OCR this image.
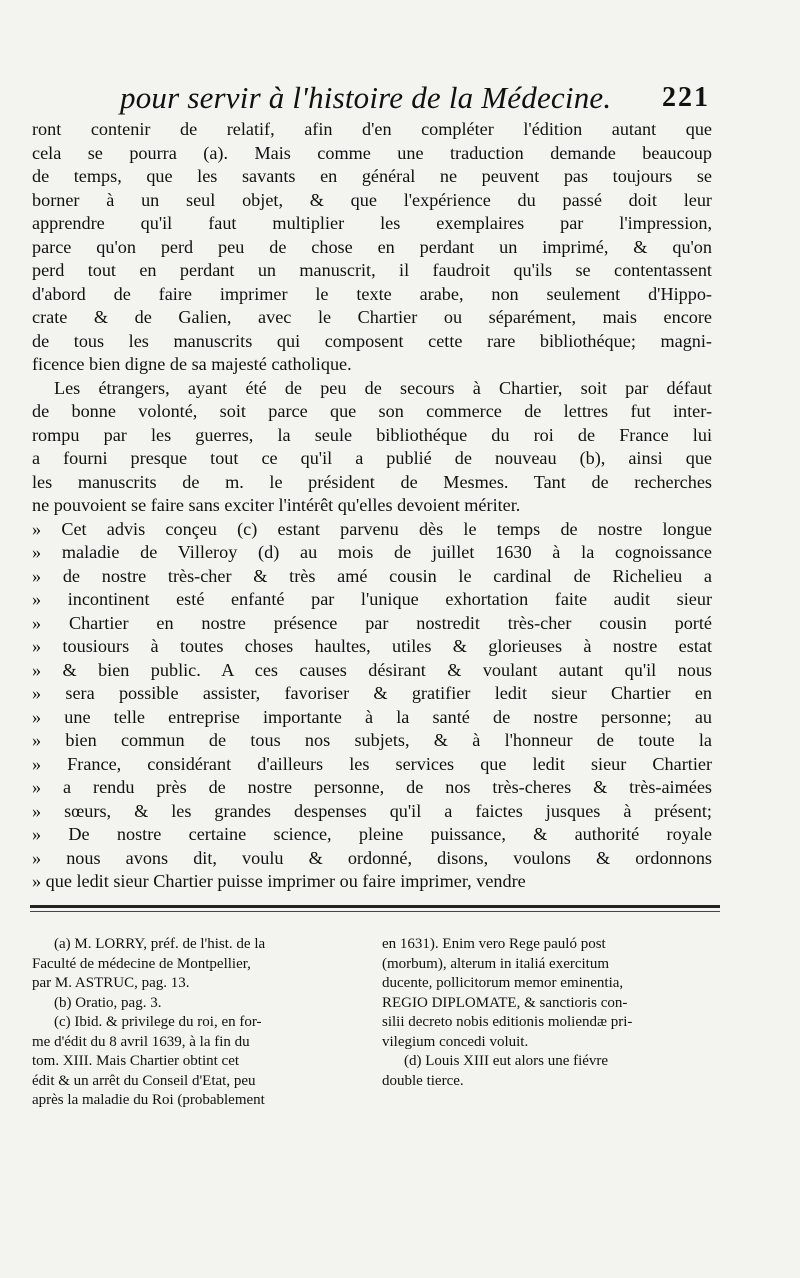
pour servir à l'histoire de la Médecine. 221
ront contenir de relatif, afin d'en compléter l'édition autant que
cela se pourra (a). Mais comme une traduction demande beaucoup
de temps, que les savants en général ne peuvent pas toujours se
borner à un seul objet, & que l'expérience du passé doit leur
apprendre qu'il faut multiplier les exemplaires par l'impression,
parce qu'on perd peu de chose en perdant un imprimé, & qu'on
perd tout en perdant un manuscrit, il faudroit qu'ils se contentassent
d'abord de faire imprimer le texte arabe, non seulement d'Hippo-
crate & de Galien, avec le Chartier ou séparément, mais encore
de tous les manuscrits qui composent cette rare bibliothéque; magni-
ficence bien digne de sa majesté catholique.
Les étrangers, ayant été de peu de secours à Chartier, soit par défaut
de bonne volonté, soit parce que son commerce de lettres fut inter-
rompu par les guerres, la seule bibliothéque du roi de France lui
a fourni presque tout ce qu'il a publié de nouveau (b), ainsi que
les manuscrits de m. le président de Mesmes. Tant de recherches
ne pouvoient se faire sans exciter l'intérêt qu'elles devoient mériter.
» Cet advis conçeu (c) estant parvenu dès le temps de nostre longue
» maladie de Villeroy (d) au mois de juillet 1630 à la cognoissance
» de nostre très-cher & très amé cousin le cardinal de Richelieu a
» incontinent esté enfanté par l'unique exhortation faite audit sieur
» Chartier en nostre présence par nostredit très-cher cousin porté
» tousiours à toutes choses haultes, utiles & glorieuses à nostre estat
» & bien public. A ces causes désirant & voulant autant qu'il nous
» sera possible assister, favoriser & gratifier ledit sieur Chartier en
» une telle entreprise importante à la santé de nostre personne; au
» bien commun de tous nos subjets, & à l'honneur de toute la
» France, considérant d'ailleurs les services que ledit sieur Chartier
» a rendu près de nostre personne, de nos très-cheres & très-aimées
» sœurs, & les grandes despenses qu'il a faictes jusques à présent;
» De nostre certaine science, pleine puissance, & authorité royale
» nous avons dit, voulu & ordonné, disons, voulons & ordonnons
» que ledit sieur Chartier puisse imprimer ou faire imprimer, vendre
(a) M. LORRY, préf. de l'hist. de la
Faculté de médecine de Montpellier,
par M. ASTRUC, pag. 13.
(b) Oratio, pag. 3.
(c) Ibid. & privilege du roi, en for-
me d'édit du 8 avril 1639, à la fin du
tom. XIII. Mais Chartier obtint cet
édit & un arrêt du Conseil d'Etat, peu
après la maladie du Roi (probablement
en 1631). Enim vero Rege pauló post
(morbum), alterum in italiá exercitum
ducente, pollicitorum memor eminentia,
REGIO DIPLOMATE, & sanctioris con-
silii decreto nobis editionis moliendæ pri-
vilegium concedi voluit.
(d) Louis XIII eut alors une fiévre
double tierce.
